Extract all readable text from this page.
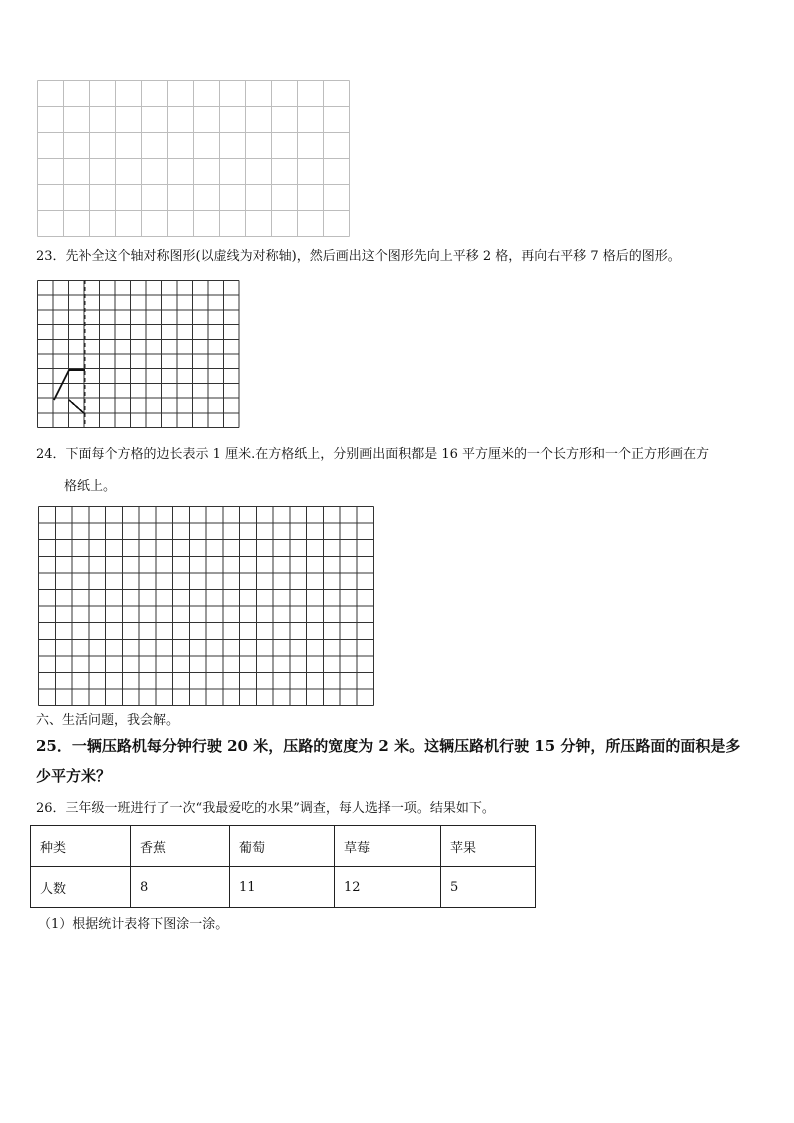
23．先补全这个轴对称图形(以虚线为对称轴)，然后画出这个图形先向上平移 2 格，再向右平移 7 格后的图形。
24．下面每个方格的边长表示 1 厘米.在方格纸上，分别画出面积都是 16 平方厘米的一个长方形和一个正方形画在方
格纸上。
六、生活问题，我会解。
25．一辆压路机每分钟行驶 20 米，压路的宽度为 2 米。这辆压路机行驶 15 分钟，所压路面的面积是多
少平方米？
26．三年级一班进行了一次“我最爱吃的水果”调查，每人选择一项。结果如下。
种类	香蕉	葡萄	草莓	苹果
人数	8	11	12	5
（1）根据统计表将下图涂一涂。
